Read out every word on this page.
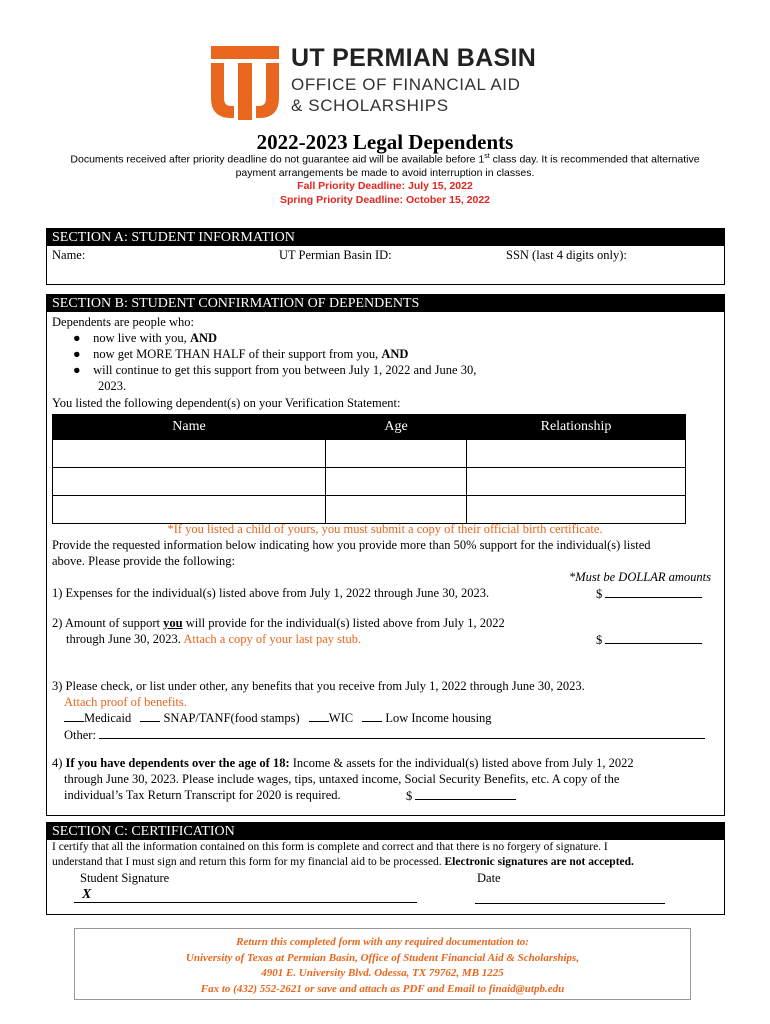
UT PERMIAN BASIN
OFFICE OF FINANCIAL AID
& SCHOLARSHIPS
2022-2023 Legal Dependents
Documents received after priority deadline do not guarantee aid will be available before 1st class day. It is recommended that alternative
payment arrangements be made to avoid interruption in classes.
Fall Priority Deadline: July 15, 2022
Spring Priority Deadline: October 15, 2022
SECTION A: STUDENT INFORMATION
Name:	UT Permian Basin ID:	SSN (last 4 digits only):
SECTION B: STUDENT CONFIRMATION OF DEPENDENTS
Dependents are people who:
●    now live with you, AND
●    now get MORE THAN HALF of their support from you, AND
●    will continue to get this support from you between July 1, 2022 and June 30,
2023.
You listed the following dependent(s) on your Verification Statement:
Name	Age	Relationship

*If you listed a child of yours, you must submit a copy of their official birth certificate.
Provide the requested information below indicating how you provide more than 50% support for the individual(s) listed
above. Please provide the following:
*Must be DOLLAR amounts
1) Expenses for the individual(s) listed above from July 1, 2022 through June 30, 2023.	$
2) Amount of support you will provide for the individual(s) listed above from July 1, 2022
through June 30, 2023. Attach a copy of your last pay stub.	$
3) Please check, or list under other, any benefits that you receive from July 1, 2022 through June 30, 2023.
Attach proof of benefits.
Medicaid	SNAP/TANF(food stamps) WIC	Low Income housing
Other:
4) If you have dependents over the age of 18: Income & assets for the individual(s) listed above from July 1, 2022
through June 30, 2023. Please include wages, tips, untaxed income, Social Security Benefits, etc. A copy of the
individual’s Tax Return Transcript for 2020 is required.	$
SECTION C: CERTIFICATION
I certify that all the information contained on this form is complete and correct and that there is no forgery of signature. I
understand that I must sign and return this form for my financial aid to be processed. Electronic signatures are not accepted.
Student Signature	Date
X
Return this completed form with any required documentation to:
University of Texas at Permian Basin, Office of Student Financial Aid & Scholarships,
4901 E. University Blvd. Odessa, TX 79762, MB 1225
Fax to (432) 552-2621 or save and attach as PDF and Email to finaid@utpb.edu
